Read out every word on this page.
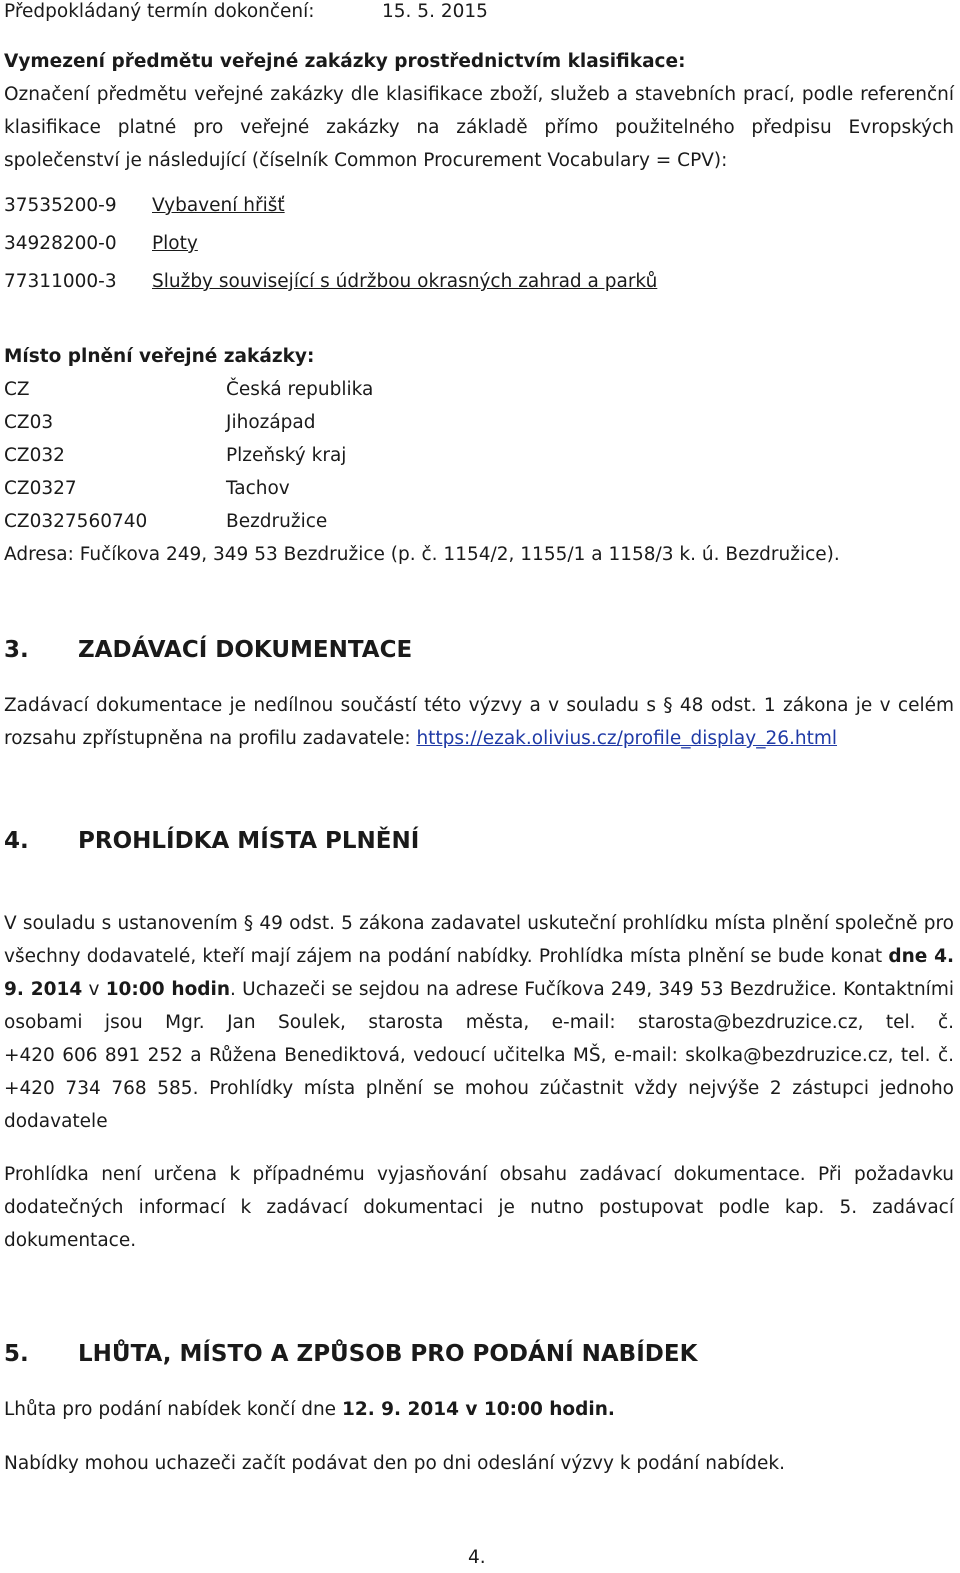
Předpokládaný termín dokončení:	15. 5. 2015
Vymezení předmětu veřejné zakázky prostřednictvím klasifikace:
Označení předmětu veřejné zakázky dle klasifikace zboží, služeb a stavebních prací, podle referenční
klasifikace platné pro veřejné zakázky na základě přímo použitelného předpisu Evropských
společenství je následující (číselník Common Procurement Vocabulary = CPV):
37535200-9 Vybavení hřišť
34928200-0 Ploty
77311000-3 Služby související s údržbou okrasných zahrad a parků
Místo plnění veřejné zakázky:
CZ	Česká republika
CZ03	Jihozápad
CZ032	Plzeňský kraj
CZ0327	Tachov
CZ0327560740	Bezdružice
Adresa: Fučíkova 249, 349 53 Bezdružice (p. č. 1154/2, 1155/1 a 1158/3 k. ú. Bezdružice).
3. ZADÁVACÍ DOKUMENTACE
Zadávací dokumentace je nedílnou součástí této výzvy a v souladu s § 48 odst. 1 zákona je v celém
rozsahu zpřístupněna na profilu zadavatele: https://ezak.olivius.cz/profile_display_26.html
4. PROHLÍDKA MÍSTA PLNĚNÍ
V souladu s ustanovením § 49 odst. 5 zákona zadavatel uskuteční prohlídku místa plnění společně pro
všechny dodavatelé, kteří mají zájem na podání nabídky. Prohlídka místa plnění se bude konat dne 4.
9. 2014 v 10:00 hodin. Uchazeči se sejdou na adrese Fučíkova 249, 349 53 Bezdružice. Kontaktními
osobami jsou Mgr. Jan Soulek, starosta města, e-mail: starosta@bezdruzice.cz, tel. č.
+420 606 891 252 a Růžena Benediktová, vedoucí učitelka MŠ, e-mail: skolka@bezdruzice.cz, tel. č.
+420 734 768 585. Prohlídky místa plnění se mohou zúčastnit vždy nejvýše 2 zástupci jednoho
dodavatele
Prohlídka není určena k případnému vyjasňování obsahu zadávací dokumentace. Při požadavku
dodatečných informací k zadávací dokumentaci je nutno postupovat podle kap. 5. zadávací
dokumentace.
5. LHŮTA, MÍSTO A ZPŮSOB PRO PODÁNÍ NABÍDEK
Lhůta pro podání nabídek končí dne 12. 9. 2014 v 10:00 hodin.
Nabídky mohou uchazeči začít podávat den po dni odeslání výzvy k podání nabídek.
4.
